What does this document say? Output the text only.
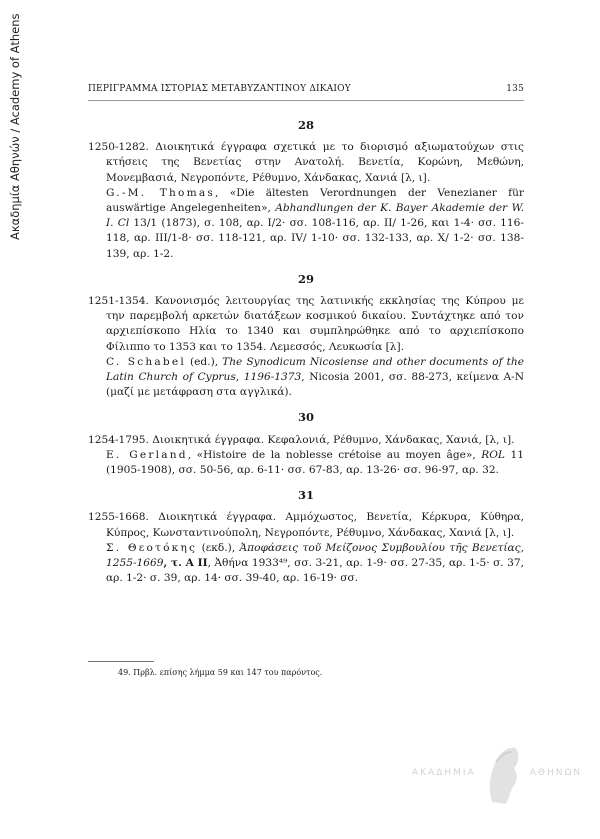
Ακαδημία Αθηνών / Academy of Athens	ΠΕΡΙΓΡΑΜΜΑ ΙΣΤΟΡΙΑΣ ΜΕΤΑΒΥΖΑΝΤΙΝΟΥ ΔΙΚΑΙΟΥ	135
28

1250-1282. Διοικητικά έγγραφα σχετικά με το διορισμό αξιωματούχων στις κτήσεις της Βενετίας στην Ανατολή. Βενετία, Κορώνη, Μεθώνη, Μονεμβασιά, Νεγροπόντε, Ρέθυμνο, Χάνδακας, Χανιά [λ, ι].

G.-M. Thomas, «Die ältesten Verordnungen der Venezianer für auswärtige Angelegenheiten», Abhandlungen der K. Bayer Akademie der W. I. Cl 13/1 (1873), σ. 108, αρ. I/2· σσ. 108-116, αρ. II/ 1-26, και 1-4· σσ. 116-118, αρ. III/1-8· σσ. 118-121, αρ. IV/ 1-10· σσ. 132-133, αρ. X/ 1-2· σσ. 138-139, αρ. 1-2.

29

1251-1354. Κανονισμός λειτουργίας της λατινικής εκκλησίας της Κύπρου με την παρεμβολή αρκετών διατάξεων κοσμικού δικαίου. Συντάχτηκε από τον αρχιεπίσκοπο Ηλία το 1340 και συμπληρώθηκε από το αρχιεπίσκοπο Φίλιππο το 1353 και το 1354. Λεμεσσός, Λευκωσία [λ].

C. Schabel (ed.), The Synodicum Nicosiense and other documents of the Latin Church of Cyprus, 1196-1373, Nicosia 2001, σσ. 88-273, κείμενα Α-Ν (μαζί με μετάφραση στα αγγλικά).

30

1254-1795. Διοικητικά έγγραφα. Κεφαλονιά, Ρέθυμνο, Χάνδακας, Χανιά, [λ, ι].

E. Gerland, «Histoire de la noblesse crétoise au moyen âge», ROL 11 (1905-1908), σσ. 50-56, αρ. 6-11· σσ. 67-83, αρ. 13-26· σσ. 96-97, αρ. 32.

31

1255-1668. Διοικητικά έγγραφα. Αμμόχωστος, Βενετία, Κέρκυρα, Κύθηρα, Κύπρος, Κωνσταντινούπολη, Νεγροπόντε, Ρέθυμνο, Χάνδακας, Χανιά [λ, ι].

Σ. Θεοτόκης (εκδ.), Ἀποφάσεις τοῦ Μείζονος Συμβουλίου τῆς Βενετίας, 1255-1669, τ. Α ΙΙ, Ἀθήνα 1933⁴⁹, σσ. 3-21, αρ. 1-9· σσ. 27-35, αρ. 1-5· σ. 37, αρ. 1-2· σ. 39, αρ. 14· σσ. 39-40, αρ. 16-19· σσ.

49. Πρβλ. επίσης λήμμα 59 και 147 του παρόντος.
ΑΚΑΔΗΜΙΑ	ΑΘΗΝΩΝ
